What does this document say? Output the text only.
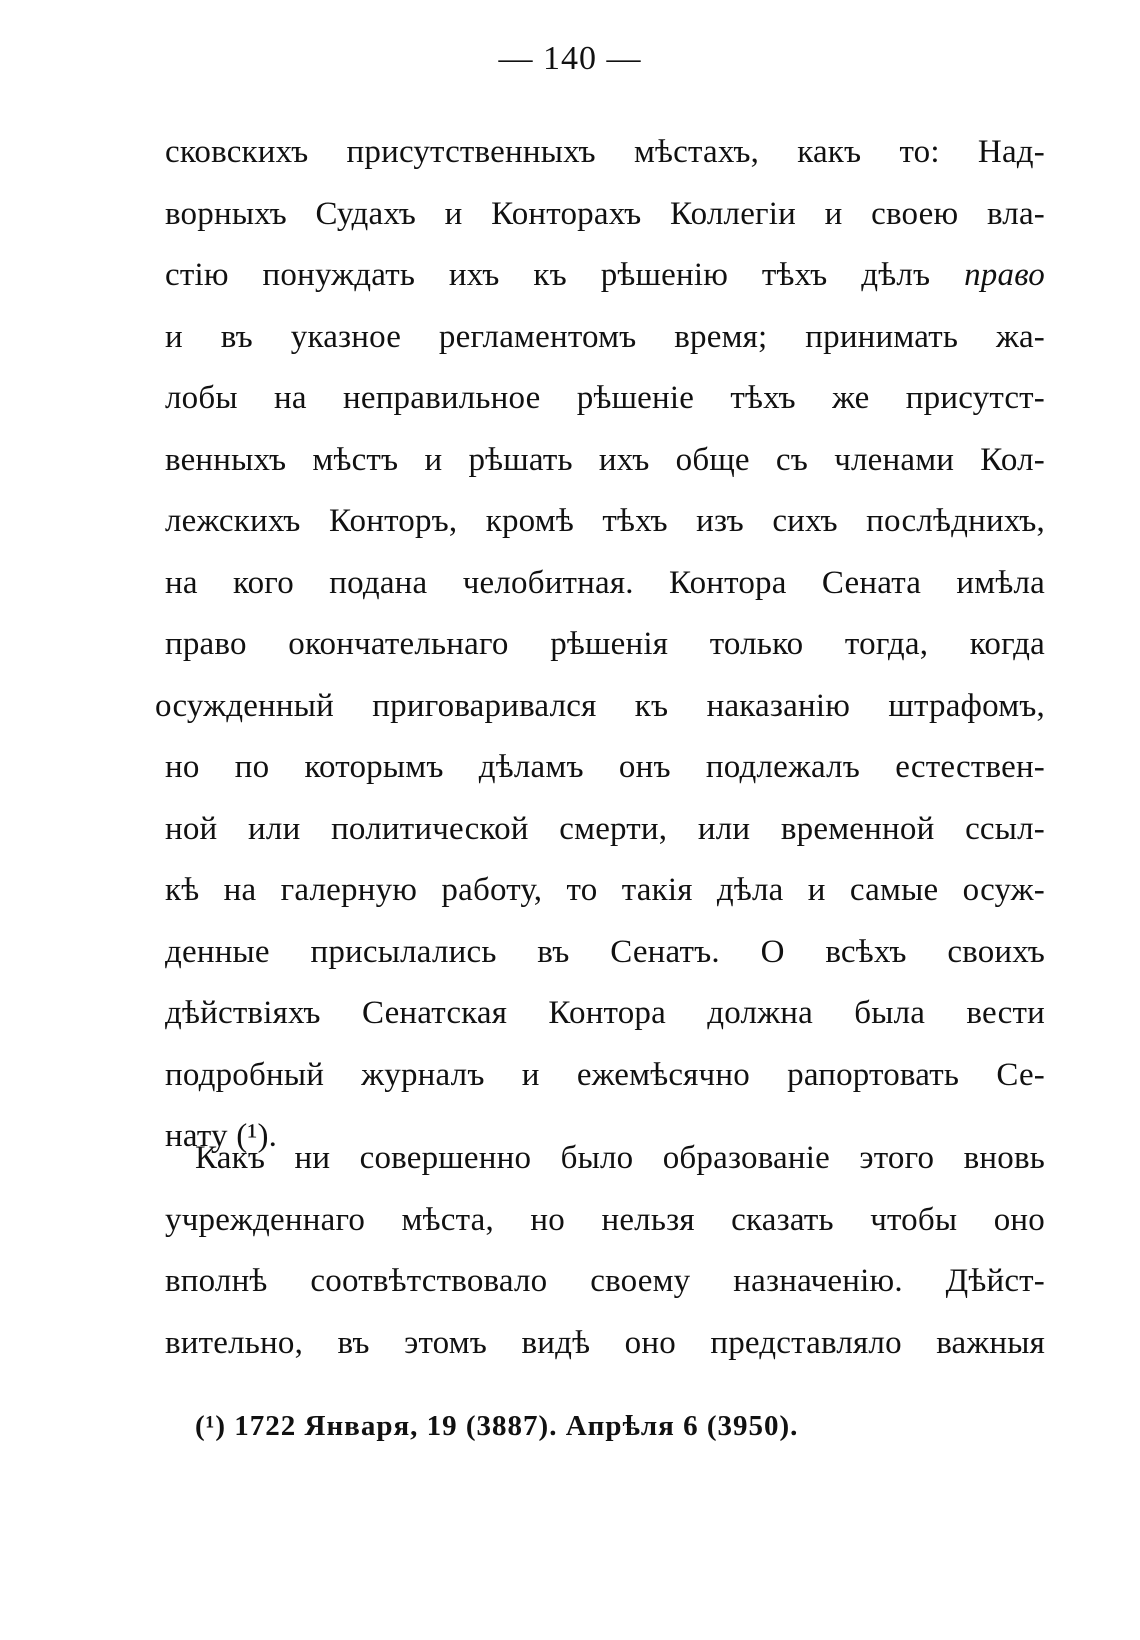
— 140 —
сковскихъ присутственныхъ мѣстахъ, какъ то: Над-
ворныхъ Судахъ и Конторахъ Коллегіи и своею вла-
стію понуждать ихъ къ рѣшенію тѣхъ дѣлъ право
и въ указное регламентомъ время; принимать жа-
лобы на неправильное рѣшеніе тѣхъ же присутст-
венныхъ мѣстъ и рѣшать ихъ обще съ членами Кол-
лежскихъ Конторъ, кромѣ тѣхъ изъ сихъ послѣднихъ,
на кого подана челобитная. Контора Сената имѣла
право окончательнаго рѣшенія только тогда, когда
осужденный приговаривался къ наказанію штрафомъ,
но по которымъ дѣламъ онъ подлежалъ естествен-
ной или политической смерти, или временной ссыл-
кѣ на галерную работу, то такія дѣла и самые осуж-
денные присылались въ Сенатъ. О всѣхъ своихъ
дѣйствіяхъ Сенатская Контора должна была вести
подробный журналъ и ежемѣсячно рапортовать Се-
нату (¹).
Какъ ни совершенно было образованіе этого вновь
учрежденнаго мѣста, но нельзя сказать чтобы оно
вполнѣ соотвѣтствовало своему назначенію. Дѣйст-
вительно, въ этомъ видѣ оно представляло важныя
(¹) 1722 Января, 19 (3887). Апрѣля 6 (3950).
